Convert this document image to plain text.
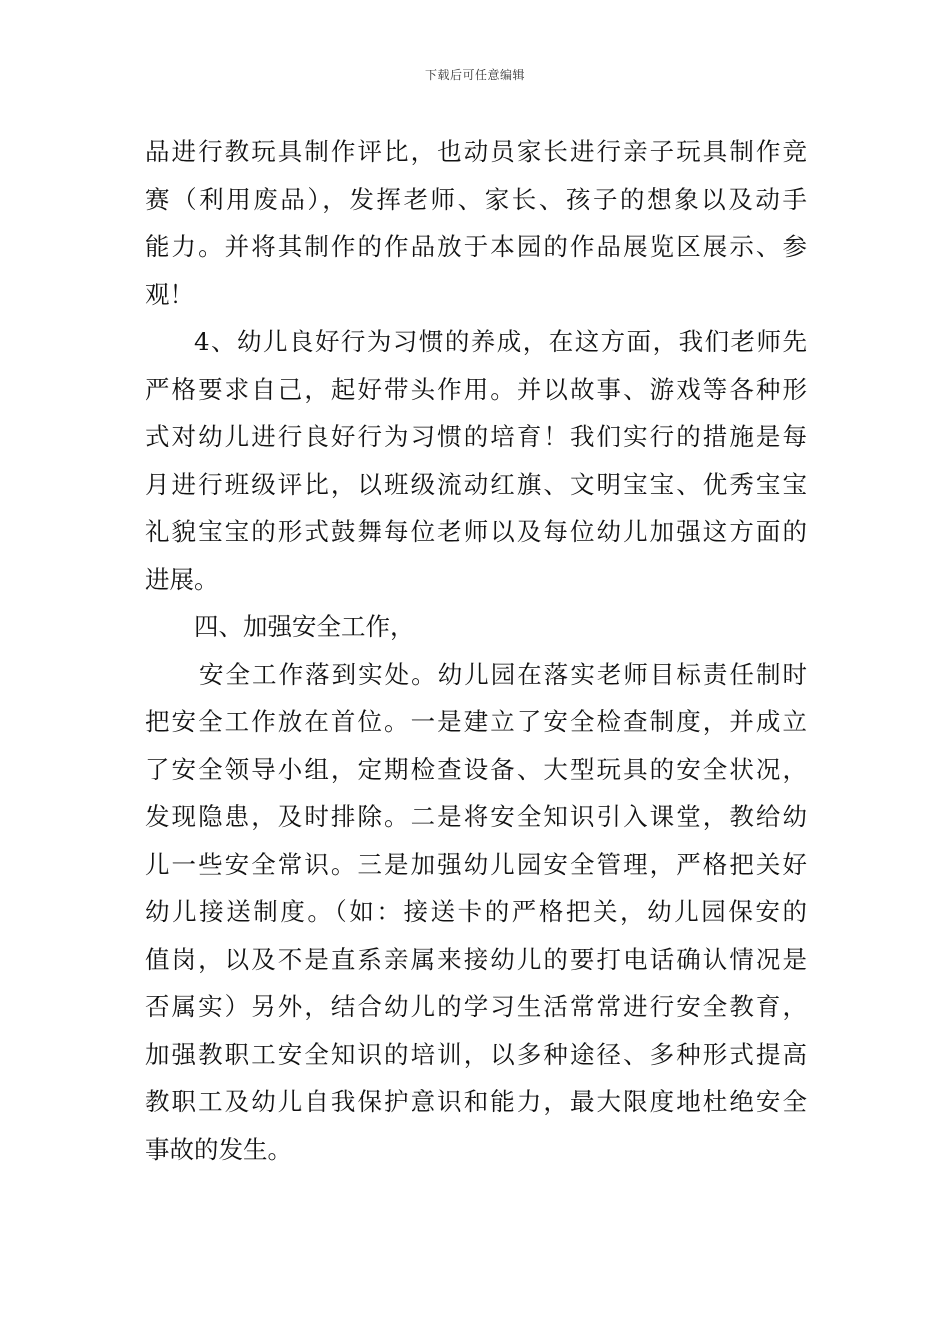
下载后可任意编辑
品进行教玩具制作评比，也动员家长进行亲子玩具制作竞
赛（利用废品），发挥老师、家长、孩子的想象以及动手
能力。并将其制作的作品放于本园的作品展览区展示、参
观！
4、幼儿良好行为习惯的养成，在这方面，我们老师先
严格要求自己，起好带头作用。并以故事、游戏等各种形
式对幼儿进行良好行为习惯的培育！我们实行的措施是每
月进行班级评比，以班级流动红旗、文明宝宝、优秀宝宝
礼貌宝宝的形式鼓舞每位老师以及每位幼儿加强这方面的
进展。
四、加强安全工作，
安全工作落到实处。幼儿园在落实老师目标责任制时
把安全工作放在首位。一是建立了安全检查制度，并成立
了安全领导小组，定期检查设备、大型玩具的安全状况，
发现隐患，及时排除。二是将安全知识引入课堂，教给幼
儿一些安全常识。三是加强幼儿园安全管理，严格把关好
幼儿接送制度。（如：接送卡的严格把关，幼儿园保安的
值岗，以及不是直系亲属来接幼儿的要打电话确认情况是
否属实）另外，结合幼儿的学习生活常常进行安全教育，
加强教职工安全知识的培训，以多种途径、多种形式提高
教职工及幼儿自我保护意识和能力，最大限度地杜绝安全
事故的发生。
